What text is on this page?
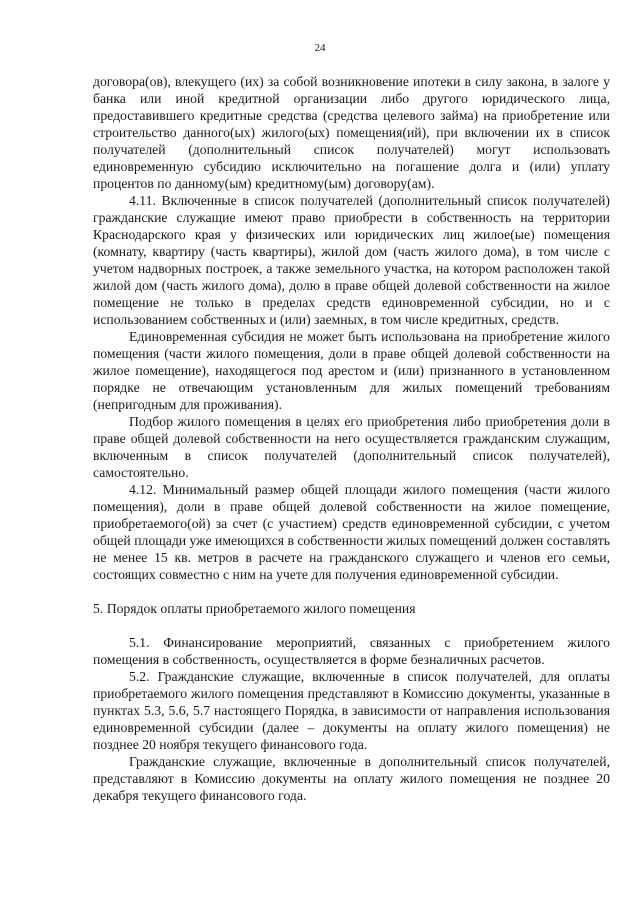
24

договора(ов), влекущего (их) за собой возникновение ипотеки в силу закона, в залоге у банка или иной кредитной организации либо другого юридического лица, предоставившего кредитные средства (средства целевого займа) на приобретение или строительство данного(ых) жилого(ых) помещения(ий), при включении их в список получателей (дополнительный список получателей) могут использовать единовременную субсидию исключительно на погашение долга и (или) уплату процентов по данному(ым) кредитному(ым) договору(ам).

4.11. Включенные в список получателей (дополнительный список получателей) гражданские служащие имеют право приобрести в собственность на территории Краснодарского края у физических или юридических лиц жилое(ые) помещения (комнату, квартиру (часть квартиры), жилой дом (часть жилого дома), в том числе с учетом надворных построек, а также земельного участка, на котором расположен такой жилой дом (часть жилого дома), долю в праве общей долевой собственности на жилое помещение не только в пределах средств единовременной субсидии, но и с использованием собственных и (или) заемных, в том числе кредитных, средств.

Единовременная субсидия не может быть использована на приобретение жилого помещения (части жилого помещения, доли в праве общей долевой собственности на жилое помещение), находящегося под арестом и (или) признанного в установленном порядке не отвечающим установленным для жилых помещений требованиям (непригодным для проживания).

Подбор жилого помещения в целях его приобретения либо приобретения доли в праве общей долевой собственности на него осуществляется гражданским служащим, включенным в список получателей (дополнительный список получателей), самостоятельно.

4.12. Минимальный размер общей площади жилого помещения (части жилого помещения), доли в праве общей долевой собственности на жилое помещение, приобретаемого(ой) за счет (с участием) средств единовременной субсидии, с учетом общей площади уже имеющихся в собственности жилых помещений должен составлять не менее 15 кв. метров в расчете на гражданского служащего и членов его семьи, состоящих совместно с ним на учете для получения единовременной субсидии.

5. Порядок оплаты приобретаемого жилого помещения

5.1. Финансирование мероприятий, связанных с приобретением жилого помещения в собственность, осуществляется в форме безналичных расчетов.

5.2. Гражданские служащие, включенные в список получателей, для оплаты приобретаемого жилого помещения представляют в Комиссию документы, указанные в пунктах 5.3, 5.6, 5.7 настоящего Порядка, в зависимости от направления использования единовременной субсидии (далее – документы на оплату жилого помещения) не позднее 20 ноября текущего финансового года.

Гражданские служащие, включенные в дополнительный список получателей, представляют в Комиссию документы на оплату жилого помещения не позднее 20 декабря текущего финансового года.
